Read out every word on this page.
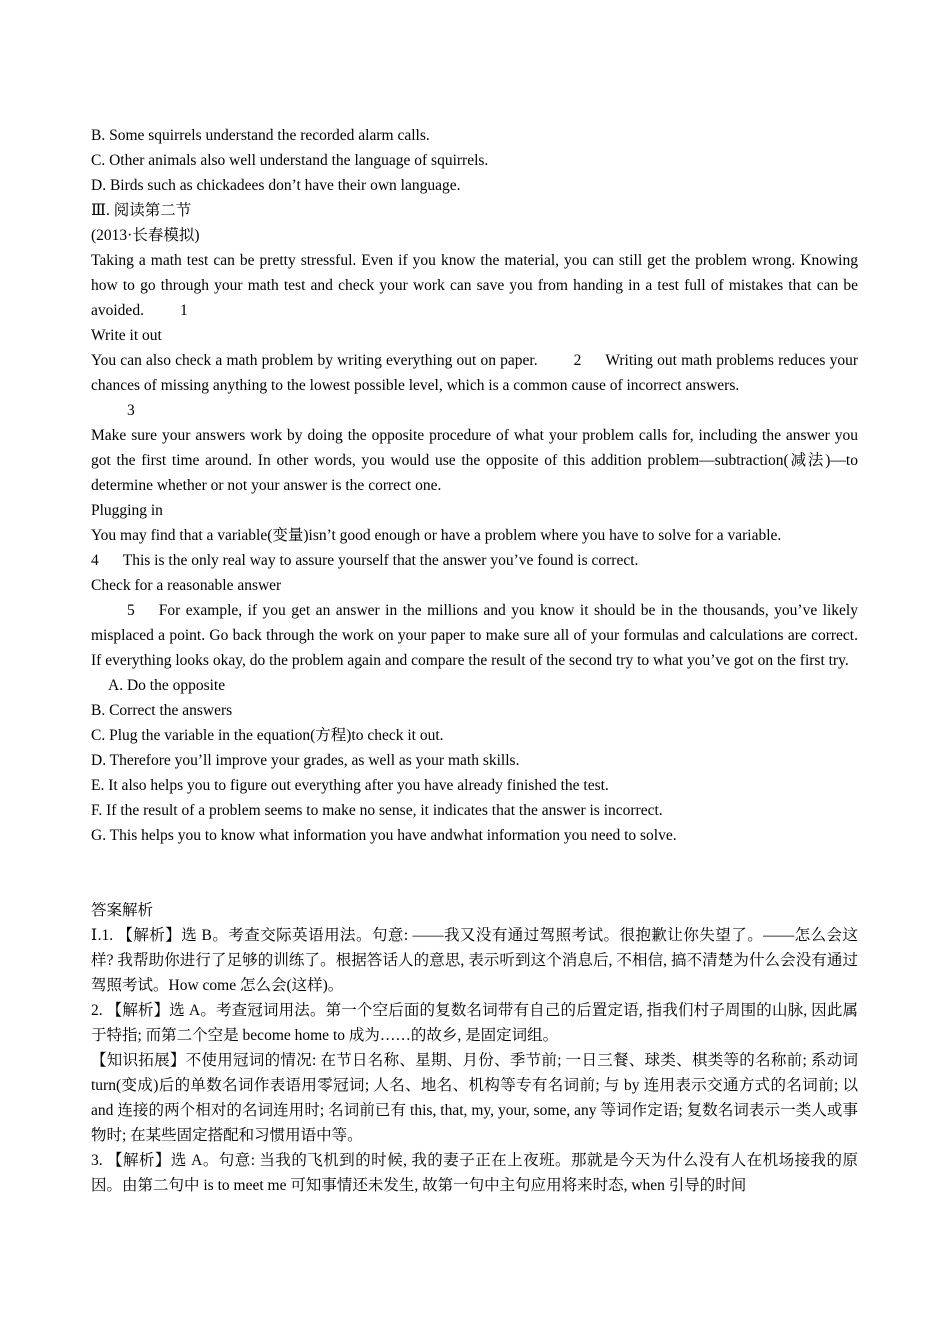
B. Some squirrels understand the recorded alarm calls.
C. Other animals also well understand the language of squirrels.
D. Birds such as chickadees don’t have their own language.
Ⅲ. 阅读第二节
(2013·长春模拟)
Taking a math test can be pretty stressful. Even if you know the material, you can still get the problem wrong. Knowing how to go through your math test and check your work can save you from handing in a test full of mistakes that can be avoided. 1
Write it out
You can also check a math problem by writing everything out on paper. 2 Writing out math problems reduces your chances of missing anything to the lowest possible level, which is a common cause of incorrect answers.
3
Make sure your answers work by doing the opposite procedure of what your problem calls for, including the answer you got the first time around. In other words, you would use the opposite of this addition problem—subtraction(减法)—to determine whether or not your answer is the correct one.
Plugging in
You may find that a variable(变量)isn’t good enough or have a problem where you have to solve for a variable.
4 This is the only real way to assure yourself that the answer you’ve found is correct.
Check for a reasonable answer
5 For example, if you get an answer in the millions and you know it should be in the thousands, you’ve likely misplaced a point. Go back through the work on your paper to make sure all of your formulas and calculations are correct. If everything looks okay, do the problem again and compare the result of the second try to what you’ve got on the first try.
A. Do the opposite
B. Correct the answers
C. Plug the variable in the equation(方程)to check it out.
D. Therefore you’ll improve your grades, as well as your math skills.
E. It also helps you to figure out everything after you have already finished the test.
F. If the result of a problem seems to make no sense, it indicates that the answer is incorrect.
G. This helps you to know what information you have andwhat information you need to solve.
答案解析
Ⅰ.1. 【解析】选 B。考查交际英语用法。句意: ——我又没有通过驾照考试。很抱歉让你失望了。——怎么会这样? 我帮助你进行了足够的训练了。根据答话人的意思, 表示听到这个消息后, 不相信, 搞不清楚为什么会没有通过驾照考试。How come 怎么会(这样)。
2. 【解析】选 A。考查冠词用法。第一个空后面的复数名词带有自己的后置定语, 指我们村子周围的山脉, 因此属于特指; 而第二个空是 become home to 成为……的故乡, 是固定词组。
【知识拓展】不使用冠词的情况: 在节日名称、星期、月份、季节前; 一日三餐、球类、棋类等的名称前; 系动词 turn(变成)后的单数名词作表语用零冠词; 人名、地名、机构等专有名词前; 与 by 连用表示交通方式的名词前; 以 and 连接的两个相对的名词连用时; 名词前已有 this, that, my, your, some, any 等词作定语; 复数名词表示一类人或事物时; 在某些固定搭配和习惯用语中等。
3. 【解析】选 A。句意: 当我的飞机到的时候, 我的妻子正在上夜班。那就是今天为什么没有人在机场接我的原因。由第二句中 is to meet me 可知事情还未发生, 故第一句中主句应用将来时态, when 引导的时间
